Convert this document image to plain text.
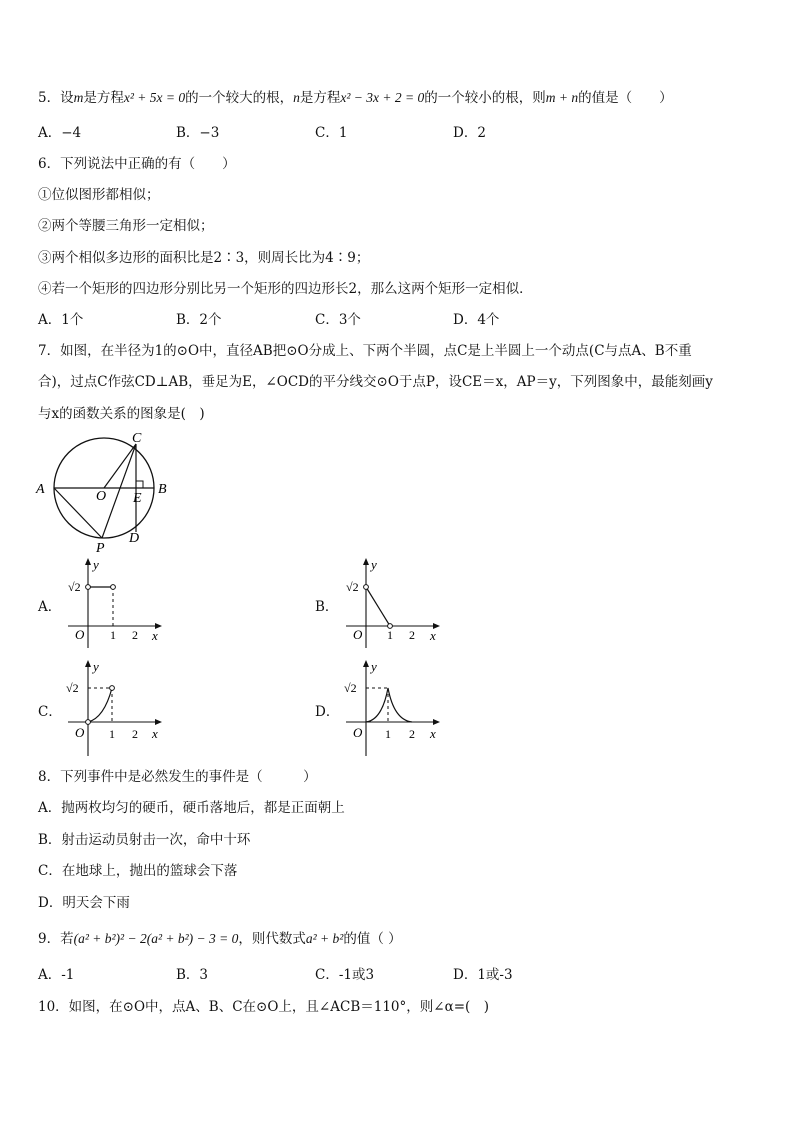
5．设m是方程x² + 5x = 0的一个较大的根，n是方程x² − 3x + 2 = 0的一个较小的根，则m + n的值是（　　）
A．−4	B．−3	C．1	D．2
6．下列说法中正确的有（　　）
①位似图形都相似；
②两个等腰三角形一定相似；
③两个相似多边形的面积比是2∶3，则周长比为4∶9；
④若一个矩形的四边形分别比另一个矩形的四边形长2，那么这两个矩形一定相似．
A．1个	B．2个	C．3个	D．4个
7．如图，在半径为1的⊙O中，直径AB把⊙O分成上、下两个半圆，点C是上半圆上一个动点(C与点A、B不重
合)，过点C作弦CD⊥AB，垂足为E，∠OCD的平分线交⊙O于点P，设CE＝x，AP＝y，下列图象中，最能刻画y
与x的函数关系的图象是(　)
A	B
C
D
E
O
P
A．	B．
C．	D．
y
x
O 1 2
√2
y
x
O 1 2
√2
y
x
O 1 2
√2
y
x
O 1 2
√2
8．下列事件中是必然发生的事件是（　　　）
A．抛两枚均匀的硬币，硬币落地后，都是正面朝上
B．射击运动员射击一次，命中十环
C．在地球上，抛出的篮球会下落
D．明天会下雨
9．若(a² + b²)² − 2(a² + b²) − 3 = 0，则代数式a² + b²的值（ ）
A．-1	B．3	C．-1或3	D．1或-3
10．如图，在⊙O中，点A、B、C在⊙O上，且∠ACB＝110°，则∠α=(　)
